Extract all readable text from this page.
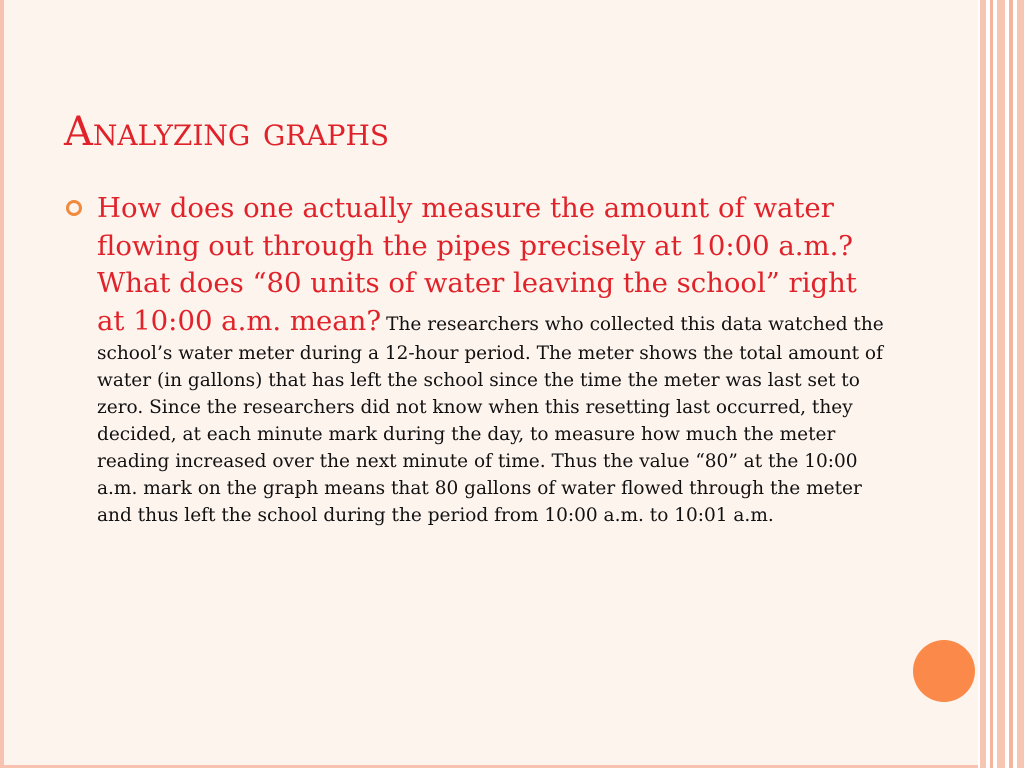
Analyzing graphs

How does one actually measure the amount of water flowing out through the pipes precisely at 10:00 a.m.? What does “80 units of water leaving the school” right at 10:00 a.m. mean? The researchers who collected this data watched the school’s water meter during a 12-hour period. The meter shows the total amount of water (in gallons) that has left the school since the time the meter was last set to zero. Since the researchers did not know when this resetting last occurred, they decided, at each minute mark during the day, to measure how much the meter reading increased over the next minute of time. Thus the value “80” at the 10:00 a.m. mark on the graph means that 80 gallons of water flowed through the meter and thus left the school during the period from 10:00 a.m. to 10:01 a.m.
